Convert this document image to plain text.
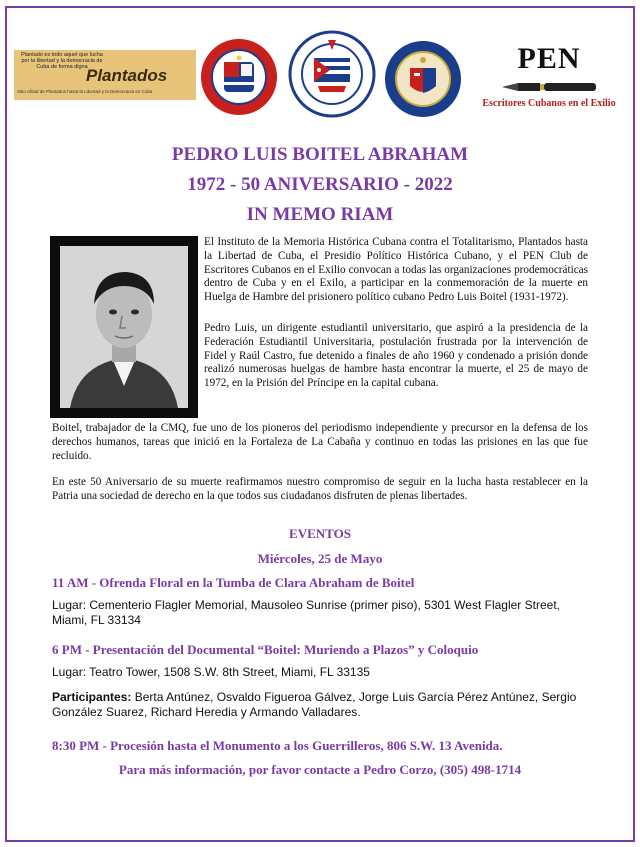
Plantado es todo aquel que lucha por la libertad y la democracia de Cuba de forma digna
Plantados
Sitio oficial de Plantados hasta la Libertad y la Democracia en Cuba
PEN
Escritores Cubanos en el Exilio
PEDRO LUIS BOITEL ABRAHAM
1972 - 50 ANIVERSARIO - 2022
IN MEMO RIAM

El Instituto de la Memoria Histórica Cubana contra el Totalitarismo, Plantados hasta la Libertad de Cuba, el Presidio Político Histórica Cubano, y el PEN Club de Escritores Cubanos en el Exilio convocan a todas las organizaciones prodemocráticas dentro de Cuba y en el Exilo, a participar en la conmemoración de la muerte en Huelga de Hambre del prisionero político cubano Pedro Luis Boitel (1931-1972).

Pedro Luis, un dirigente estudiantil universitario, que aspiró a la presidencia de la Federación Estudiantil Universitaria, postulación frustrada por la intervención de Fidel y Raúl Castro, fue detenido a finales de año 1960 y condenado a prisión donde realizó numerosas huelgas de hambre hasta encontrar la muerte, el 25 de mayo de 1972, en la Prisión del Príncipe en la capital cubana.

Boitel, trabajador de la CMQ, fue uno de los pioneros del periodismo independiente y precursor en la defensa de los derechos humanos, tareas que inició en la Fortaleza de La Cabaña y continuo en todas las prisiones en las que fue recluido.

En este 50 Aniversario de su muerte reafirmamos nuestro compromiso de seguir en la lucha hasta restablecer en la Patria una sociedad de derecho en la que todos sus ciudadanos disfruten de plenas libertades.

EVENTOS
Miércoles, 25 de Mayo
11 AM - Ofrenda Floral en la Tumba de Clara Abraham de Boitel
Lugar: Cementerio Flagler Memorial, Mausoleo Sunrise (primer piso), 5301 West Flagler Street, Miami, FL 33134
6 PM - Presentación del Documental “Boitel: Muriendo a Plazos” y Coloquio
Lugar: Teatro Tower, 1508 S.W. 8th Street, Miami, FL 33135
Participantes: Berta Antúnez, Osvaldo Figueroa Gálvez, Jorge Luis García Pérez Antúnez, Sergio González Suarez, Richard Heredia y Armando Valladares.
8:30 PM - Procesión hasta el Monumento a los Guerrilleros, 806 S.W. 13 Avenida.
Para más información, por favor contacte a Pedro Corzo, (305) 498-1714
